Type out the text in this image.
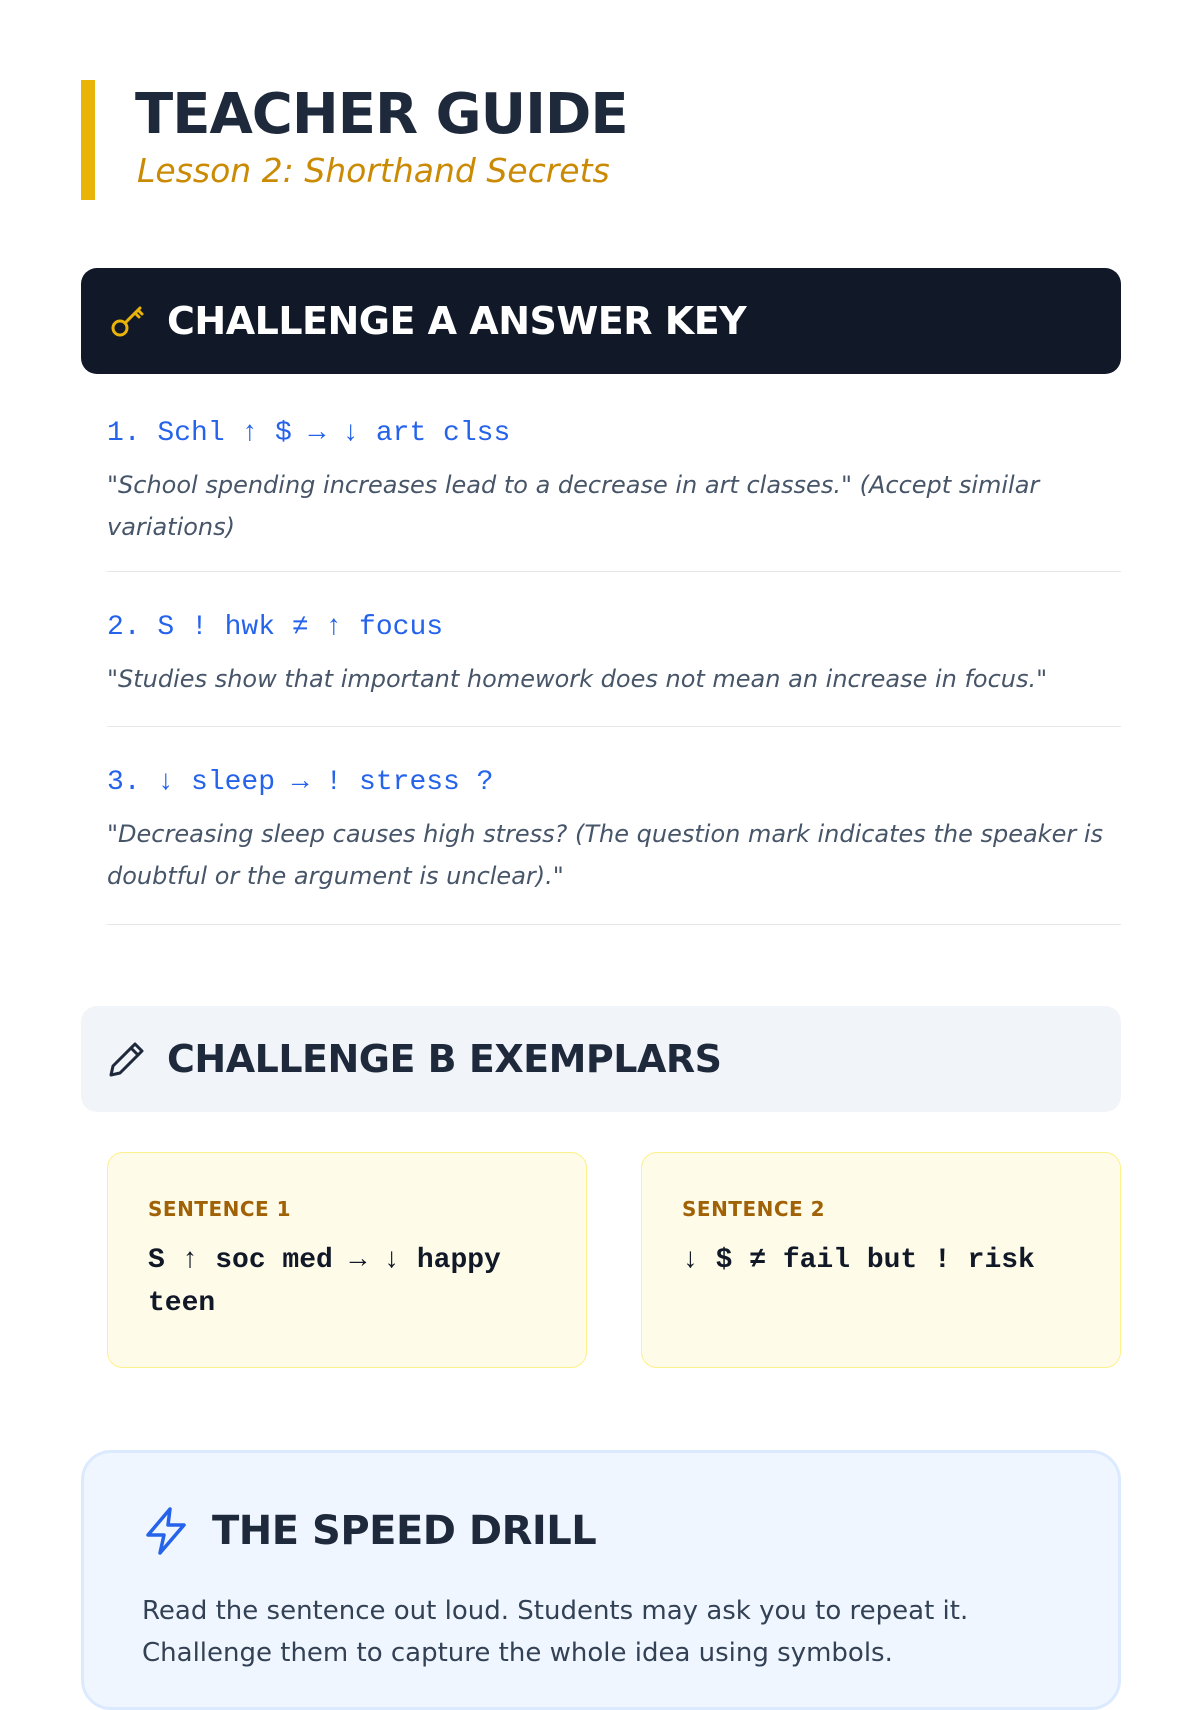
TEACHER GUIDE
Lesson 2: Shorthand Secrets
CHALLENGE A ANSWER KEY
1. Schl ↑ $ → ↓ art clss
"School spending increases lead to a decrease in art classes." (Accept similar variations)
2. S ! hwk ≠ ↑ focus
"Studies show that important homework does not mean an increase in focus."
3. ↓ sleep → ! stress ?
"Decreasing sleep causes high stress? (The question mark indicates the speaker is doubtful or the argument is unclear)."
CHALLENGE B EXEMPLARS
SENTENCE 1
S ↑ soc med → ↓ happy teen
SENTENCE 2
↓ $ ≠ fail but ! risk
THE SPEED DRILL
Read the sentence out loud. Students may ask you to repeat it. Challenge them to capture the whole idea using symbols.
